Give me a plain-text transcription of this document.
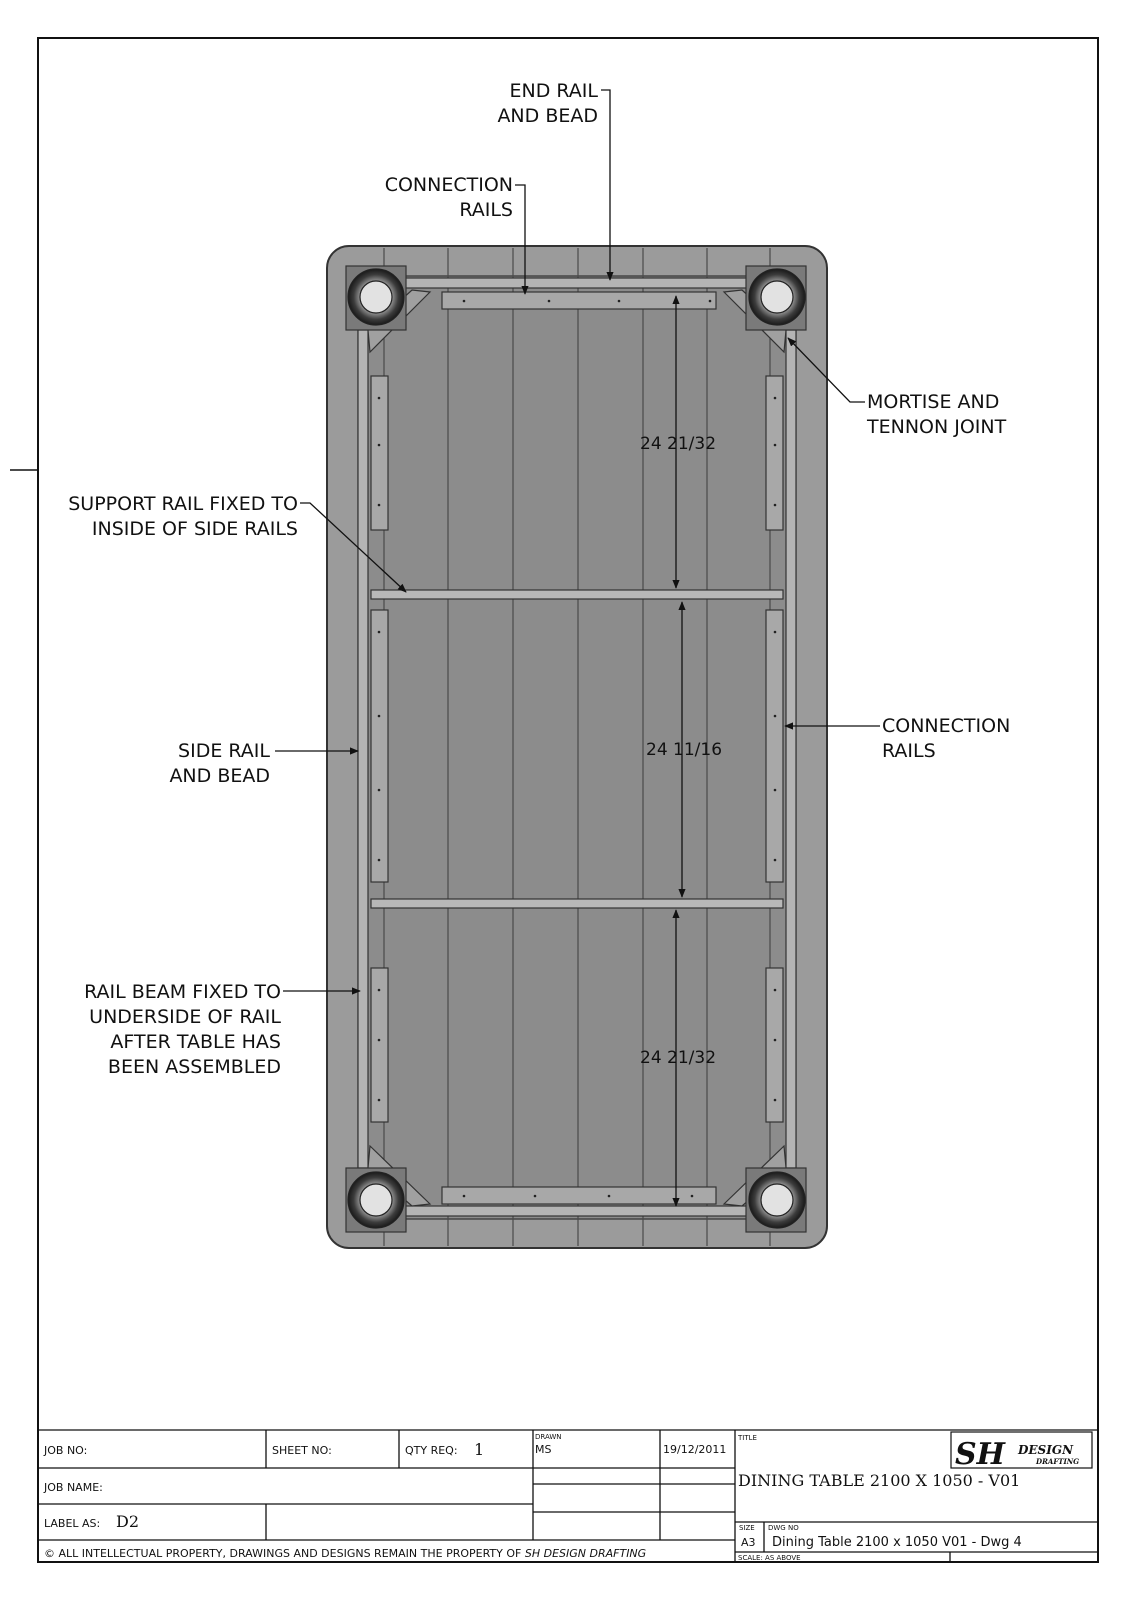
24 21/32
24 11/16
24 21/32
END RAIL
AND BEAD
CONNECTION
RAILS
MORTISE AND
TENNON JOINT
SUPPORT RAIL FIXED TO
INSIDE OF SIDE RAILS
SIDE RAIL
AND BEAD
CONNECTION
RAILS
RAIL BEAM FIXED TO
UNDERSIDE OF RAIL
AFTER TABLE HAS
BEEN ASSEMBLED
JOB NO:	SHEET NO:	QTY REQ: 1
DRAWN
MS	19/12/2011
TITLE
DINING TABLE 2100 X 1050 - V01
JOB NAME:
LABEL AS: D2	SIZE
A3
DWG NO
Dining Table 2100 x 1050 V01 - Dwg 4
SCALE: AS ABOVE
© ALL INTELLECTUAL PROPERTY, DRAWINGS AND DESIGNS REMAIN THE PROPERTY OF SH DESIGN DRAFTING
SH DESIGN
DRAFTING
